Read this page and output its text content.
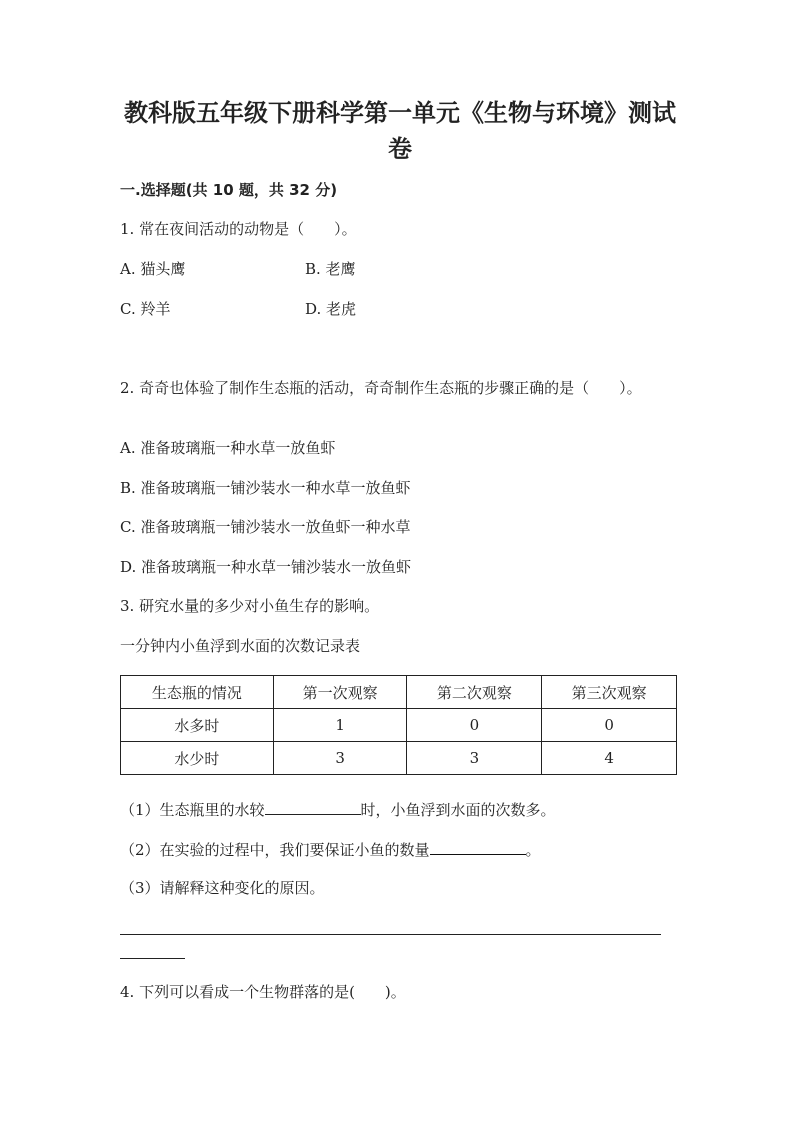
教科版五年级下册科学第一单元《生物与环境》测试卷
一.选择题(共 10 题，共 32 分)
1. 常在夜间活动的动物是（　　）。
A. 猫头鹰	B. 老鹰
C. 羚羊	D. 老虎
2. 奇奇也体验了制作生态瓶的活动，奇奇制作生态瓶的步骤正确的是（　　）。
A. 准备玻璃瓶一种水草一放鱼虾
B. 准备玻璃瓶一铺沙装水一种水草一放鱼虾
C. 准备玻璃瓶一铺沙装水一放鱼虾一种水草
D. 准备玻璃瓶一种水草一铺沙装水一放鱼虾
3. 研究水量的多少对小鱼生存的影响。
一分钟内小鱼浮到水面的次数记录表
生态瓶的情况	第一次观察	第二次观察	第三次观察
水多时	1	0	0
水少时	3	3	4
（1）生态瓶里的水较	时，小鱼浮到水面的次数多。
（2）在实验的过程中，我们要保证小鱼的数量	。
（3）请解释这种变化的原因。
4. 下列可以看成一个生物群落的是(　　)。
